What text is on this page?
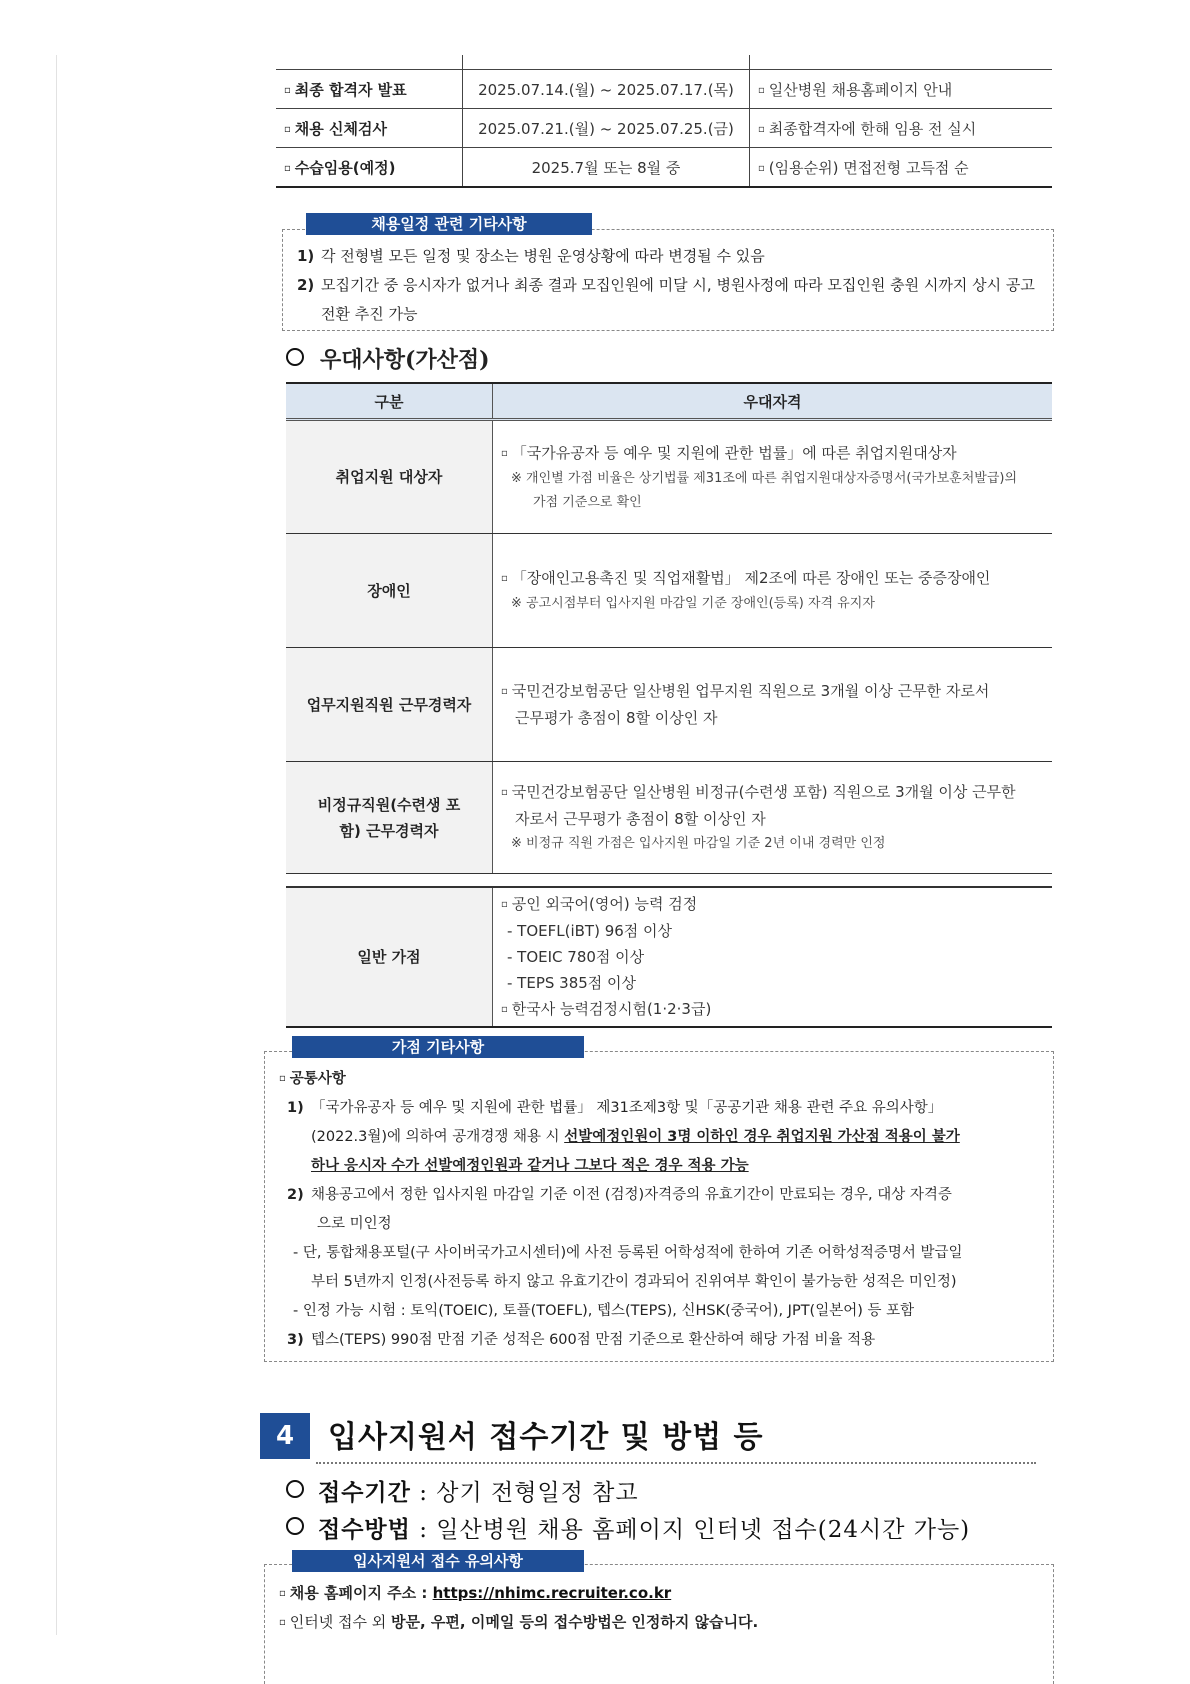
▫ 최종 합격자 발표	2025.07.14.(월) ~ 2025.07.17.(목)	▫ 일산병원 채용홈페이지 안내
▫ 채용 신체검사	2025.07.21.(월) ~ 2025.07.25.(금)	▫ 최종합격자에 한해 임용 전 실시
▫ 수습임용(예정)	2025.7월 또는 8월 중	▫ (임용순위) 면접전형 고득점 순
1) 각 전형별 모든 일정 및 장소는 병원 운영상황에 따라 변경될 수 있음
2) 모집기간 중 응시자가 없거나 최종 결과 모집인원에 미달 시, 병원사정에 따라 모집인원 충원 시까지 상시 공고 전환 추진 가능
채용일정 관련 기타사항
우대사항(가산점)
구분	우대자격
취업지원 대상자	▫ 「국가유공자 등 예우 및 지원에 관한 법률」에 따른 취업지원대상자
※ 개인별 가점 비율은 상기법률 제31조에 따른 취업지원대상자증명서(국가보훈처발급)의
가점 기준으로 확인

장애인	▫ 「장애인고용촉진 및 직업재활법」 제2조에 따른 장애인 또는 중증장애인
※ 공고시점부터 입사지원 마감일 기준 장애인(등록) 자격 유지자

업무지원직원 근무경력자	▫ 국민건강보험공단 일산병원 업무지원 직원으로 3개월 이상 근무한 자로서
근무평가 총점이 8할 이상인 자

비정규직원(수련생 포함) 근무경력자	▫ 국민건강보험공단 일산병원 비정규(수련생 포함) 직원으로 3개월 이상 근무한
자로서 근무평가 총점이 8할 이상인 자
※ 비정규 직원 가점은 입사지원 마감일 기준 2년 이내 경력만 인정

일반 가점	▫ 공인 외국어(영어) 능력 검정
- TOEFL(iBT) 96점 이상
- TOEIC 780점 이상
- TEPS 385점 이상
▫ 한국사 능력검정시험(1·2·3급)
▫ 공통사항
1) 「국가유공자 등 예우 및 지원에 관한 법률」 제31조제3항 및「공공기관 채용 관련 주요 유의사항」
(2022.3월)에 의하여 공개경쟁 채용 시 선발예정인원이 3명 이하인 경우 취업지원 가산점 적용이 불가
하나 응시자 수가 선발예정인원과 같거나 그보다 적은 경우 적용 가능
2) 채용공고에서 정한 입사지원 마감일 기준 이전 (검정)자격증의 유효기간이 만료되는 경우, 대상 자격증
으로 미인정
- 단, 통합채용포털(구 사이버국가고시센터)에 사전 등록된 어학성적에 한하여 기존 어학성적증명서 발급일
부터 5년까지 인정(사전등록 하지 않고 유효기간이 경과되어 진위여부 확인이 불가능한 성적은 미인정)
- 인정 가능 시험 : 토익(TOEIC), 토플(TOEFL), 텝스(TEPS), 신HSK(중국어), JPT(일본어) 등 포함
3) 텝스(TEPS) 990점 만점 기준 성적은 600점 만점 기준으로 환산하여 해당 가점 비율 적용
가점 기타사항
4	입사지원서 접수기간 및 방법 등
접수기간 : 상기 전형일정 참고
접수방법 : 일산병원 채용 홈페이지 인터넷 접수(24시간 가능)
▫ 채용 홈페이지 주소 : https://nhimc.recruiter.co.kr
▫ 인터넷 접수 외 방문, 우편, 이메일 등의 접수방법은 인정하지 않습니다.
입사지원서 접수 유의사항
